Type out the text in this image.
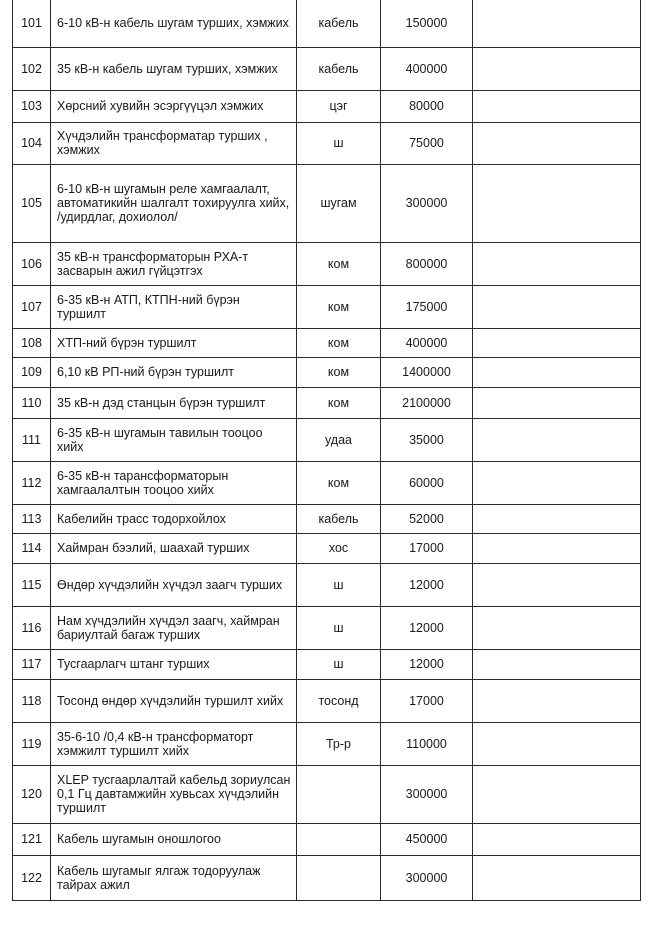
101	6-10 кВ-н кабель шугам турших, хэмжих	кабель	150000	
102	35 кВ-н кабель шугам турших, хэмжих	кабель	400000	
103	Хөрсний хувийн эсэргүүцэл хэмжих	цэг	80000	
104	Хүчдэлийн трансформатар турших , хэмжих	ш	75000	
105	6-10 кВ-н шугамын реле хамгаалалт, автоматикийн шалгалт тохируулга хийх, /удирдлаг, дохиолол/	шугам	300000	
106	35 кВ-н трансформаторын РХА-т засварын ажил гүйцэтгэх	ком	800000	
107	6-35 кВ-н АТП, КТПН-ний бүрэн туршилт	ком	175000	
108	ХТП-ний бүрэн туршилт	ком	400000	
109	6,10 кВ РП-ний бүрэн туршилт	ком	1400000	
110	35 кВ-н дэд станцын бүрэн туршилт	ком	2100000	
111	6-35 кВ-н шугамын тавилын тооцоо хийх	удаа	35000	
112	6-35 кВ-н таранcформаторын хамгаалалтын тооцоо хийх	ком	60000	
113	Кабелийн трасс тодорхойлох	кабель	52000	
114	Хаймран бээлий, шаахай турших	хос	17000	
115	Өндөр хүчдэлийн хүчдэл заагч турших	ш	12000	
116	Нам хүчдэлийн хүчдэл заагч, хаймран бариултай багаж турших	ш	12000	
117	Тусгаарлагч штанг турших	ш	12000	
118	Тосонд өндөр хүчдэлийн туршилт хийх	тосонд	17000	
119	35-6-10 /0,4 кВ-н трансформаторт хэмжилт туршилт хийх	Тр-р	110000	
120	XLEP тусгаарлалтай кабельд зориулсан 0,1 Гц давтамжийн хувьсах хүчдэлийн туршилт		300000	
121	Кабель шугамын оношлогоо		450000	
122	Кабель шугамыг ялгаж тодоруулаж тайрах ажил		300000	
